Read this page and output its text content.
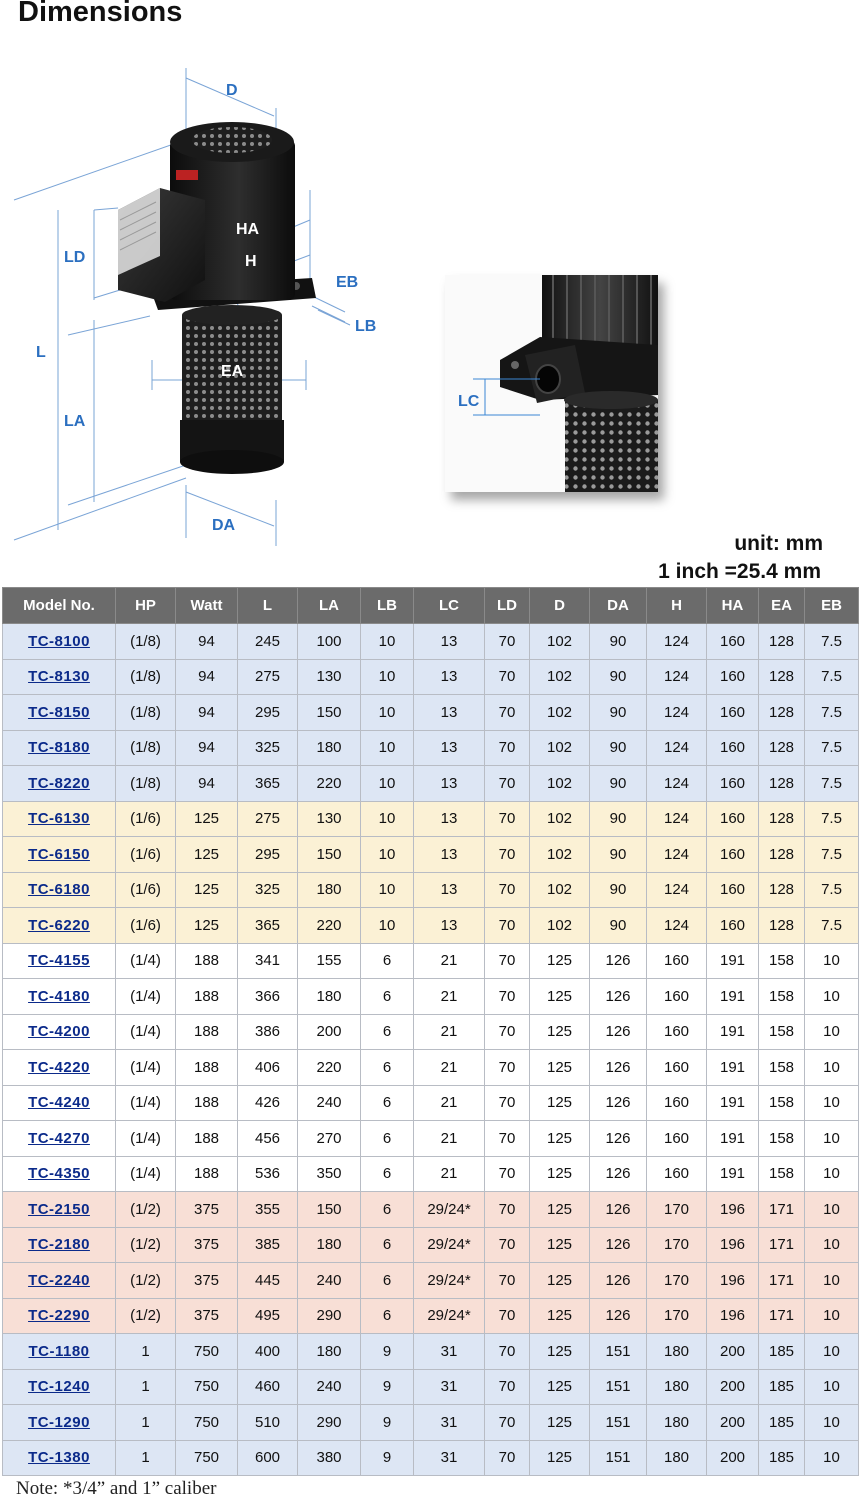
Dimensions
D
LD
L
LA
DA
HA
H
EA
EB
LB
LC
unit: mm
1 inch =25.4 mm
Model No.	HP	Watt	L	LA	LB	LC	LD	D	DA	H	HA	EA	EB
TC-8100	(1/8)	94	245	100	10	13	70	102	90	124	160	128	7.5
TC-8130	(1/8)	94	275	130	10	13	70	102	90	124	160	128	7.5
TC-8150	(1/8)	94	295	150	10	13	70	102	90	124	160	128	7.5
TC-8180	(1/8)	94	325	180	10	13	70	102	90	124	160	128	7.5
TC-8220	(1/8)	94	365	220	10	13	70	102	90	124	160	128	7.5
TC-6130	(1/6)	125	275	130	10	13	70	102	90	124	160	128	7.5
TC-6150	(1/6)	125	295	150	10	13	70	102	90	124	160	128	7.5
TC-6180	(1/6)	125	325	180	10	13	70	102	90	124	160	128	7.5
TC-6220	(1/6)	125	365	220	10	13	70	102	90	124	160	128	7.5
TC-4155	(1/4)	188	341	155	6	21	70	125	126	160	191	158	10
TC-4180	(1/4)	188	366	180	6	21	70	125	126	160	191	158	10
TC-4200	(1/4)	188	386	200	6	21	70	125	126	160	191	158	10
TC-4220	(1/4)	188	406	220	6	21	70	125	126	160	191	158	10
TC-4240	(1/4)	188	426	240	6	21	70	125	126	160	191	158	10
TC-4270	(1/4)	188	456	270	6	21	70	125	126	160	191	158	10
TC-4350	(1/4)	188	536	350	6	21	70	125	126	160	191	158	10
TC-2150	(1/2)	375	355	150	6	29/24*	70	125	126	170	196	171	10
TC-2180	(1/2)	375	385	180	6	29/24*	70	125	126	170	196	171	10
TC-2240	(1/2)	375	445	240	6	29/24*	70	125	126	170	196	171	10
TC-2290	(1/2)	375	495	290	6	29/24*	70	125	126	170	196	171	10
TC-1180	1	750	400	180	9	31	70	125	151	180	200	185	10
TC-1240	1	750	460	240	9	31	70	125	151	180	200	185	10
TC-1290	1	750	510	290	9	31	70	125	151	180	200	185	10
TC-1380	1	750	600	380	9	31	70	125	151	180	200	185	10
Note: *3/4” and 1” caliber
